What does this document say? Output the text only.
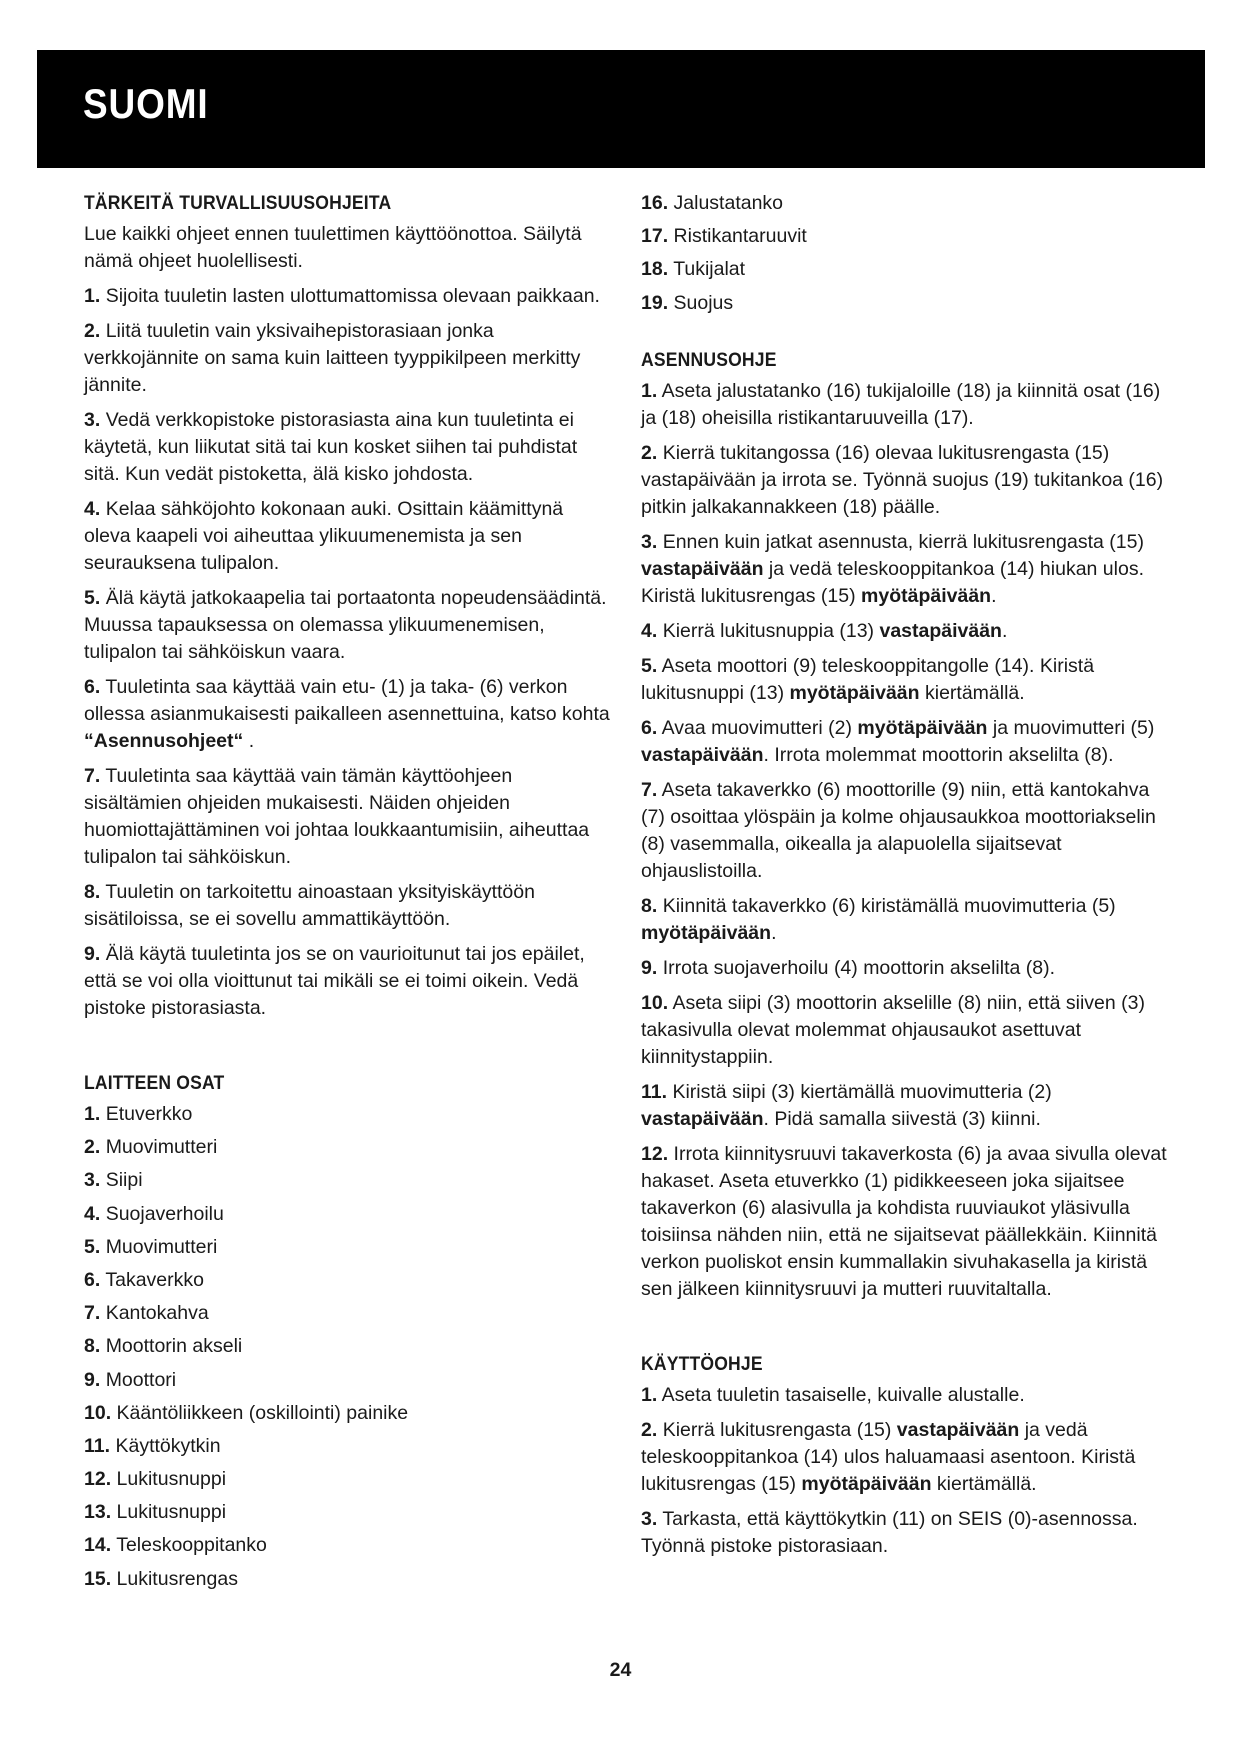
SUOMI
TÄRKEITÄ TURVALLISUUSOHJEITA

Lue kaikki ohjeet ennen tuulettimen käyttöönottoa. Säilytä nämä ohjeet huolellisesti.

1. Sijoita tuuletin lasten ulottumattomissa olevaan paikkaan.

2. Liitä tuuletin vain yksivaihepistorasiaan jonka verkkojännite on sama kuin laitteen tyyppikilpeen merkitty jännite.

3. Vedä verkkopistoke pistorasiasta aina kun tuuletinta ei käytetä, kun liikutat sitä tai kun kosket siihen tai puhdistat sitä. Kun vedät pistoketta, älä kisko johdosta.

4. Kelaa sähköjohto kokonaan auki. Osittain käämittynä oleva kaapeli voi aiheuttaa ylikuumenemista ja sen seurauksena tulipalon.

5. Älä käytä jatkokaapelia tai portaatonta nopeudensäädintä. Muussa tapauksessa on olemassa ylikuumenemisen, tulipalon tai sähköiskun vaara.

6. Tuuletinta saa käyttää vain etu- (1) ja taka- (6) verkon ollessa asianmukaisesti paikalleen asennettuina, katso kohta “Asennusohjeet“ .

7. Tuuletinta saa käyttää vain tämän käyttöohjeen sisältämien ohjeiden mukaisesti. Näiden ohjeiden huomiottajättäminen voi johtaa loukkaantumisiin, aiheuttaa tulipalon tai sähköiskun.

8. Tuuletin on tarkoitettu ainoastaan yksityiskäyttöön sisätiloissa, se ei sovellu ammattikäyttöön.

9. Älä käytä tuuletinta jos se on vaurioitunut tai jos epäilet, että se voi olla vioittunut tai mikäli se ei toimi oikein. Vedä pistoke pistorasiasta.

LAITTEEN OSAT

1. Etuverkko

2. Muovimutteri

3. Siipi

4. Suojaverhoilu

5. Muovimutteri

6. Takaverkko

7. Kantokahva

8. Moottorin akseli

9. Moottori

10. Kääntöliikkeen (oskillointi) painike

11. Käyttökytkin

12. Lukitusnuppi

13. Lukitusnuppi

14. Teleskooppitanko

15. Lukitusrengas

16. Jalustatanko

17. Ristikantaruuvit

18. Tukijalat

19. Suojus

ASENNUSOHJE

1. Aseta jalustatanko (16) tukijaloille (18) ja kiinnitä osat (16) ja (18) oheisilla ristikantaruuveilla (17).

2. Kierrä tukitangossa (16) olevaa lukitusrengasta (15) vastapäivään ja irrota se. Työnnä suojus (19) tukitankoa (16) pitkin jalkakannakkeen (18) päälle.

3. Ennen kuin jatkat asennusta, kierrä lukitusrengasta (15) vastapäivään ja vedä teleskooppitankoa (14) hiukan ulos. Kiristä lukitusrengas (15) myötäpäivään.

4. Kierrä lukitusnuppia (13) vastapäivään.

5. Aseta moottori (9) teleskooppitangolle (14). Kiristä lukitusnuppi (13) myötäpäivään kiertämällä.

6. Avaa muovimutteri (2) myötäpäivään ja muovimutteri (5) vastapäivään. Irrota molemmat moottorin akselilta (8).

7. Aseta takaverkko (6) moottorille (9) niin, että kantokahva (7) osoittaa ylöspäin ja kolme ohjausaukkoa moottoriakselin (8) vasemmalla, oikealla ja alapuolella sijaitsevat ohjauslistoilla.

8. Kiinnitä takaverkko (6) kiristämällä muovimutteria (5) myötäpäivään.

9. Irrota suojaverhoilu (4) moottorin akselilta (8).

10. Aseta siipi (3) moottorin akselille (8) niin, että siiven (3) takasivulla olevat molemmat ohjausaukot asettuvat kiinnitystappiin.

11. Kiristä siipi (3) kiertämällä muovimutteria (2) vastapäivään. Pidä samalla siivestä (3) kiinni.

12. Irrota kiinnitysruuvi takaverkosta (6) ja avaa sivulla olevat hakaset. Aseta etuverkko (1) pidikkeeseen joka sijaitsee takaverkon (6) alasivulla ja kohdista ruuviaukot yläsivulla toisiinsa nähden niin, että ne sijaitsevat päällekkäin. Kiinnitä verkon puoliskot ensin kummallakin sivuhakasella ja kiristä sen jälkeen kiinnitysruuvi ja mutteri ruuvitaltalla.

KÄYTTÖOHJE

1. Aseta tuuletin tasaiselle, kuivalle alustalle.

2. Kierrä lukitusrengasta (15) vastapäivään ja vedä teleskooppitankoa (14) ulos haluamaasi asentoon. Kiristä lukitusrengas (15) myötäpäivään kiertämällä.

3. Tarkasta, että käyttökytkin (11) on SEIS (0)-asennossa. Työnnä pistoke pistorasiaan.

24
